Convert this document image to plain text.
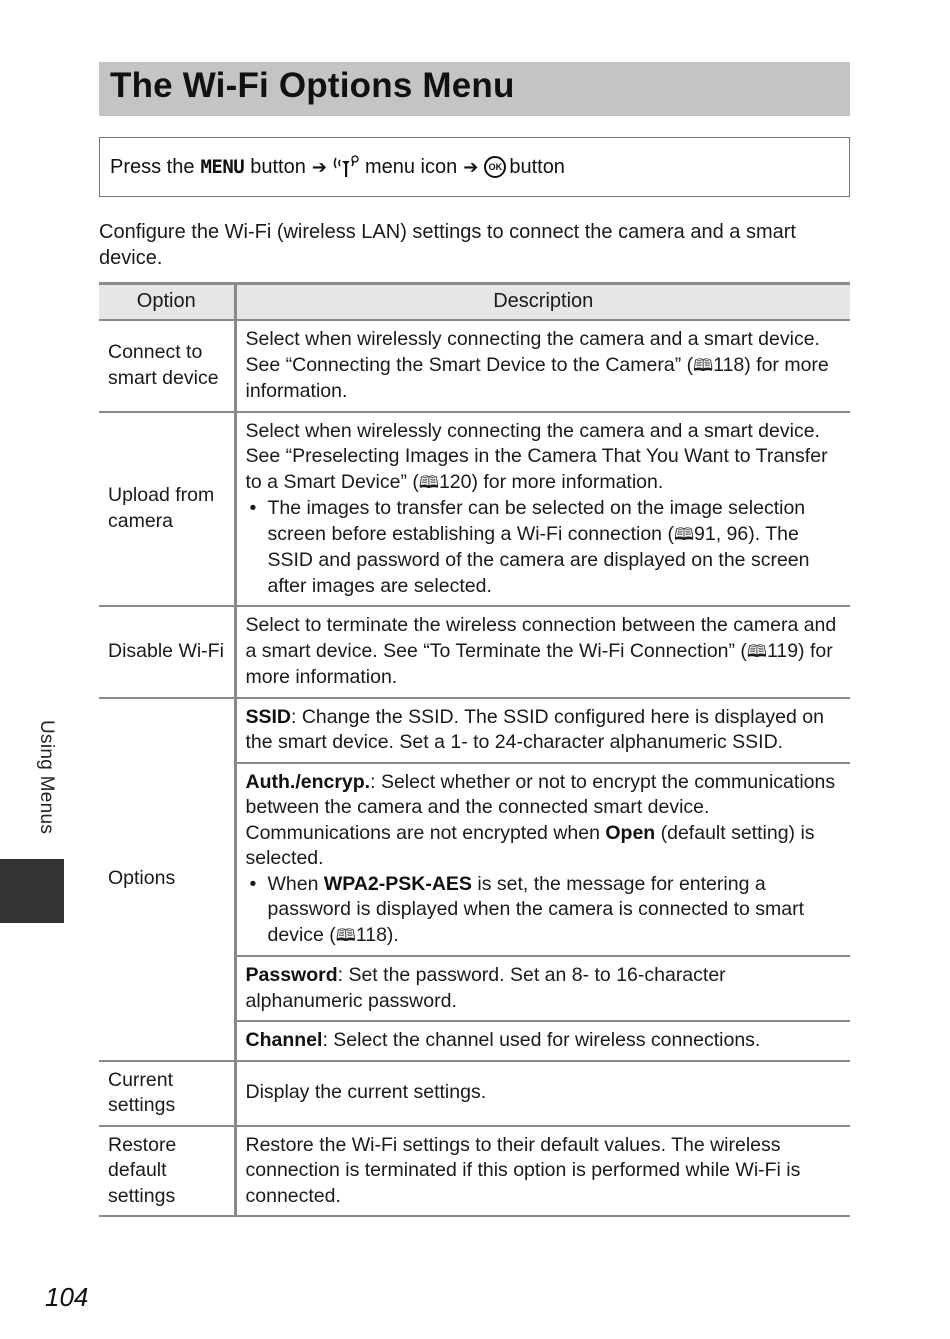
The Wi-Fi Options Menu
Press the MENU button ➔ menu icon ➔	OK button
Configure the Wi-Fi (wireless LAN) settings to connect the camera and a smart device.
Option	Description
Connect to smart device	Select when wirelessly connecting the camera and a smart device. See “Connecting the Smart Device to the Camera” (🕮118) for more information.
Upload from camera	Select when wirelessly connecting the camera and a smart device. See “Preselecting Images in the Camera That You Want to Transfer to a Smart Device” (🕮120) for more information.
• The images to transfer can be selected on the image selection screen before establishing a Wi-Fi connection (🕮91, 96). The SSID and password of the camera are displayed on the screen after images are selected.

Disable Wi-Fi	Select to terminate the wireless connection between the camera and a smart device. See “To Terminate the Wi-Fi Connection” (🕮119) for more information.
Options	SSID: Change the SSID. The SSID configured here is displayed on the smart device. Set a 1- to 24-character alphanumeric SSID.

	Auth./encryp.: Select whether or not to encrypt the communications between the camera and the connected smart device.
Communications are not encrypted when Open (default setting) is selected.
• When WPA2-PSK-AES is set, the message for entering a password is displayed when the camera is connected to smart device (🕮118).

	Password: Set the password. Set an 8- to 16-character alphanumeric password.
	Channel: Select the channel used for wireless connections.
Current settings	Display the current settings.
Restore default settings	Restore the Wi-Fi settings to their default values. The wireless connection is terminated if this option is performed while Wi-Fi is connected.
Using Menus
104
